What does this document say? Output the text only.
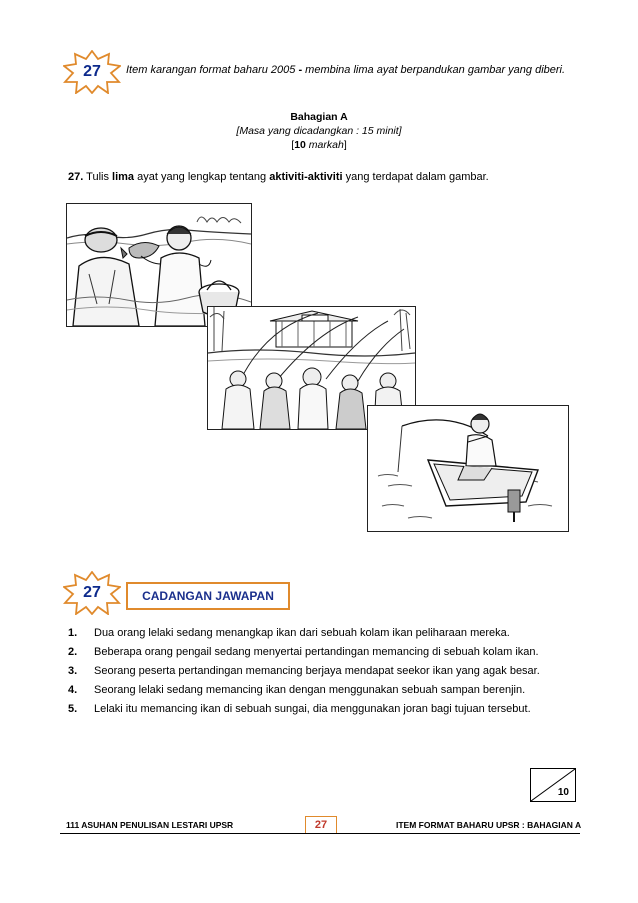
27	Item karangan format baharu 2005 - membina lima ayat berpandukan gambar yang diberi.
Bahagian A
[Masa yang dicadangkan : 15 minit]
[10 markah]
27. Tulis lima ayat yang lengkap tentang aktiviti-aktiviti yang terdapat dalam gambar.
27	CADANGAN JAWAPAN
1.	Dua orang lelaki sedang menangkap ikan dari sebuah kolam ikan peliharaan mereka.
2.	Beberapa orang pengail sedang menyertai pertandingan memancing di sebuah kolam ikan.
3.	Seorang peserta pertandingan memancing berjaya mendapat seekor ikan yang agak besar.
4.	Seorang lelaki sedang memancing ikan dengan menggunakan sebuah sampan berenjin.
5.	Lelaki itu memancing ikan di sebuah sungai, dia menggunakan joran bagi tujuan tersebut.
10
111 ASUHAN PENULISAN LESTARI UPSR	27	ITEM FORMAT BAHARU UPSR : BAHAGIAN A
